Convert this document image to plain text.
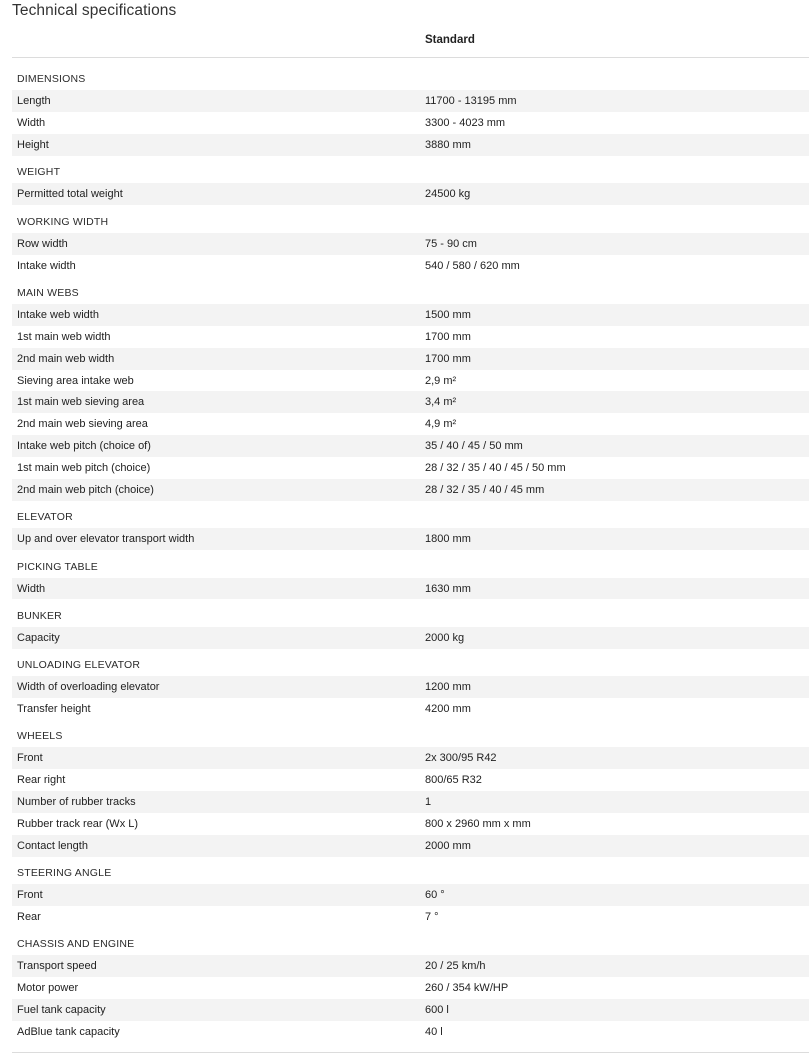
Technical specifications
Standard
DIMENSIONS
Length	11700 - 13195 mm
Width	3300 - 4023 mm
Height	3880 mm
WEIGHT
Permitted total weight	24500 kg
WORKING WIDTH
Row width	75 - 90 cm
Intake width	540 / 580 / 620 mm
MAIN WEBS
Intake web width	1500 mm
1st main web width	1700 mm
2nd main web width	1700 mm
Sieving area intake web	2,9 m²
1st main web sieving area	3,4 m²
2nd main web sieving area	4,9 m²
Intake web pitch (choice of)	35 / 40 / 45 / 50 mm
1st main web pitch (choice)	28 / 32 / 35 / 40 / 45 / 50 mm
2nd main web pitch (choice)	28 / 32 / 35 / 40 / 45 mm
ELEVATOR
Up and over elevator transport width	1800 mm
PICKING TABLE
Width	1630 mm
BUNKER
Capacity	2000 kg
UNLOADING ELEVATOR
Width of overloading elevator	1200 mm
Transfer height	4200 mm
WHEELS
Front	2x 300/95 R42
Rear right	800/65 R32
Number of rubber tracks	1
Rubber track rear (Wx L)	800 x 2960 mm x mm
Contact length	2000 mm
STEERING ANGLE
Front	60 °
Rear	7 °
CHASSIS AND ENGINE
Transport speed	20 / 25 km/h
Motor power	260 / 354 kW/HP
Fuel tank capacity	600 l
AdBlue tank capacity	40 l
